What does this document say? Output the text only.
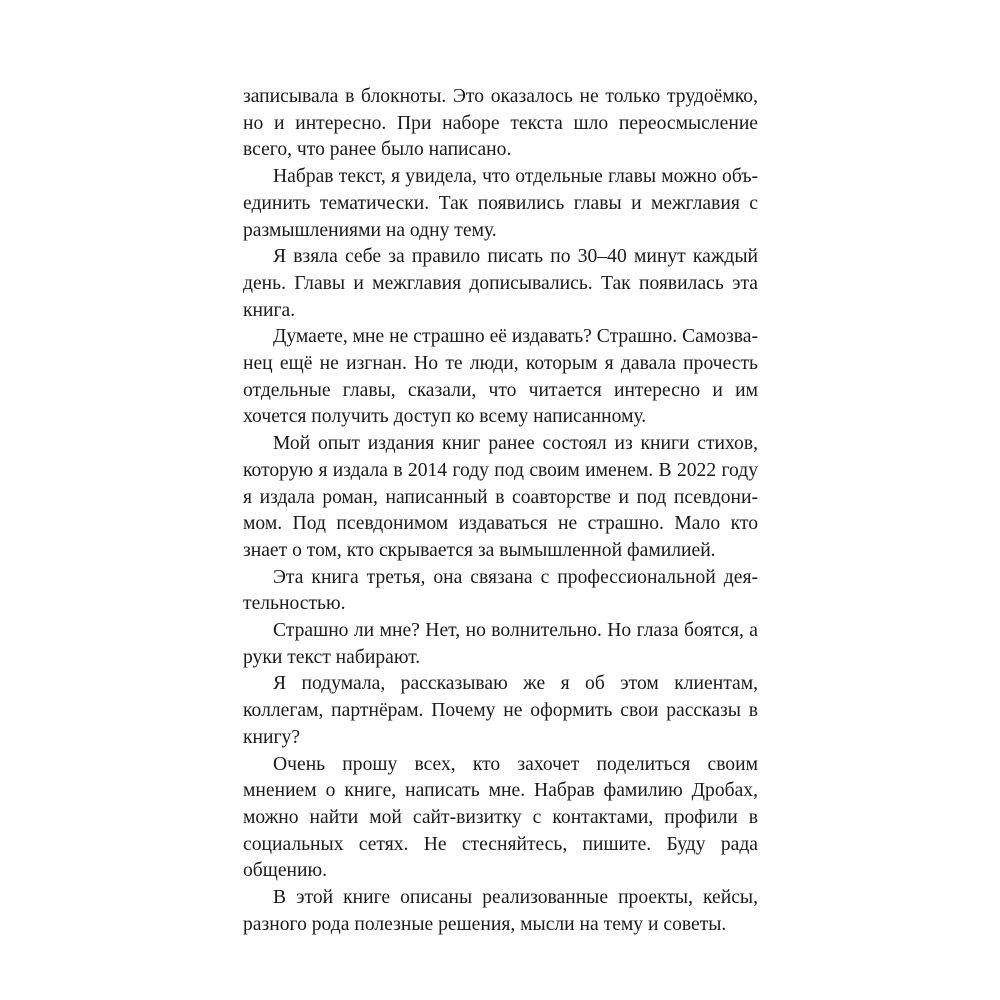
записывала в блокноты. Это оказалось не только трудоёмко, но и интересно. При наборе текста шло переосмысление всего, что ранее было написано.

Набрав текст, я увидела, что отдельные главы можно объединить тематически. Так появились главы и межглавия с размышлениями на одну тему.

Я взяла себе за правило писать по 30–40 минут каждый день. Главы и межглавия дописывались. Так появилась эта книга.

Думаете, мне не страшно её издавать? Страшно. Самозванец ещё не изгнан. Но те люди, которым я давала прочесть отдельные главы, сказали, что читается интересно и им хочется получить доступ ко всему написанному.

Мой опыт издания книг ранее состоял из книги стихов, которую я издала в 2014 году под своим именем. В 2022 году я издала роман, написанный в соавторстве и под псевдонимом. Под псевдонимом издаваться не страшно. Мало кто знает о том, кто скрывается за вымышленной фамилией.

Эта книга третья, она связана с профессиональной деятельностью.

Страшно ли мне? Нет, но волнительно. Но глаза боятся, а руки текст набирают.

Я подумала, рассказываю же я об этом клиентам, коллегам, партнёрам. Почему не оформить свои рассказы в книгу?

Очень прошу всех, кто захочет поделиться своим мнением о книге, написать мне. Набрав фамилию Дробах, можно найти мой сайт-визитку с контактами, профили в социальных сетях. Не стесняйтесь, пишите. Буду рада общению.

В этой книге описаны реализованные проекты, кейсы, разного рода полезные решения, мысли на тему и советы.
